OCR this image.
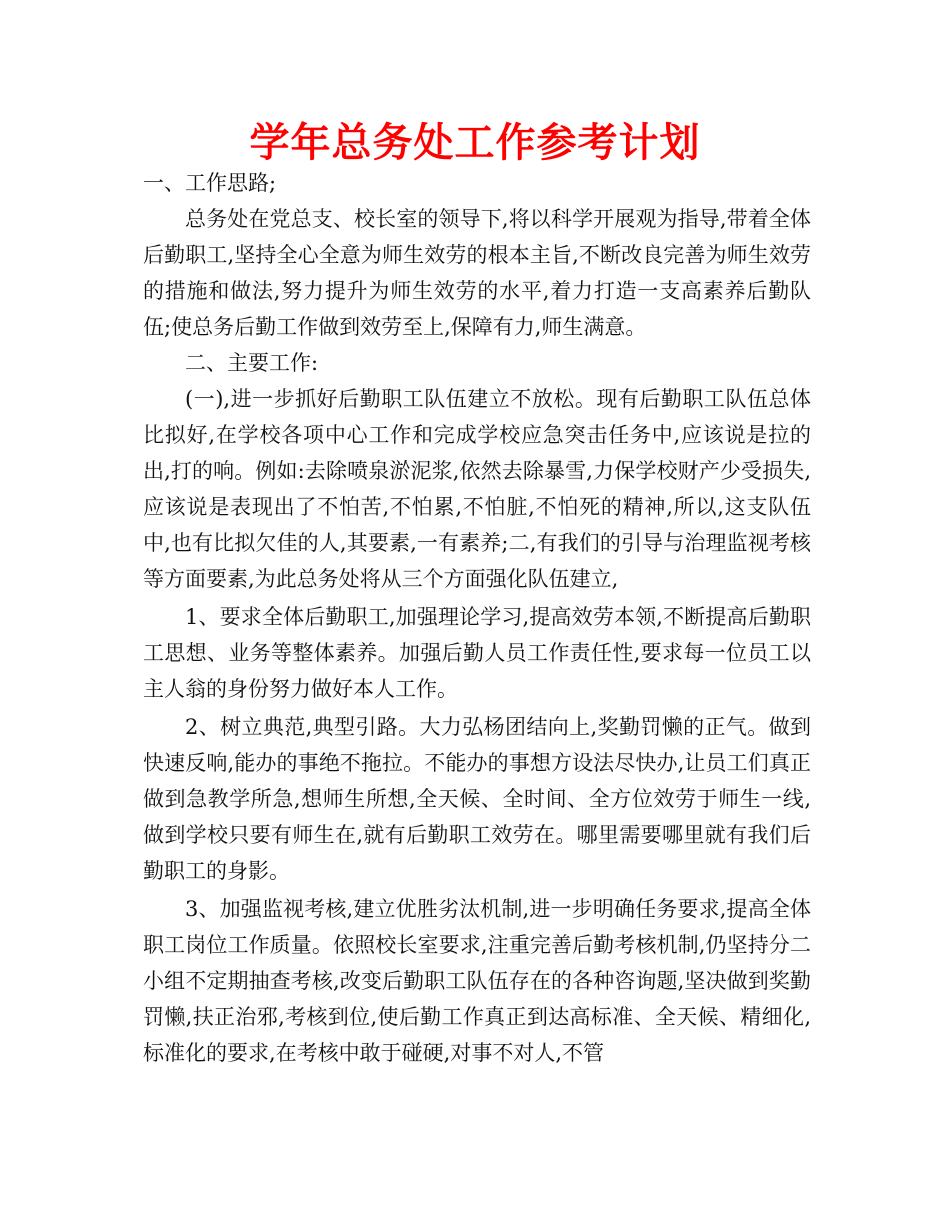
学年总务处工作参考计划

一、工作思路;

总务处在党总支、校长室的领导下,将以科学开展观为指导,带着全体后勤职工,坚持全心全意为师生效劳的根本主旨,不断改良完善为师生效劳的措施和做法,努力提升为师生效劳的水平,着力打造一支高素养后勤队伍;使总务后勤工作做到效劳至上,保障有力,师生满意。

二、主要工作:

(一),进一步抓好后勤职工队伍建立不放松。现有后勤职工队伍总体比拟好,在学校各项中心工作和完成学校应急突击任务中,应该说是拉的出,打的响。例如:去除喷泉淤泥浆,依然去除暴雪,力保学校财产少受损失,应该说是表现出了不怕苦,不怕累,不怕脏,不怕死的精神,所以,这支队伍中,也有比拟欠佳的人,其要素,一有素养;二,有我们的引导与治理监视考核等方面要素,为此总务处将从三个方面强化队伍建立,

1、要求全体后勤职工,加强理论学习,提高效劳本领,不断提高后勤职工思想、业务等整体素养。加强后勤人员工作责任性,要求每一位员工以主人翁的身份努力做好本人工作。

2、树立典范,典型引路。大力弘杨团结向上,奖勤罚懒的正气。做到快速反响,能办的事绝不拖拉。不能办的事想方设法尽快办,让员工们真正做到急教学所急,想师生所想,全天候、全时间、全方位效劳于师生一线,做到学校只要有师生在,就有后勤职工效劳在。哪里需要哪里就有我们后勤职工的身影。

3、加强监视考核,建立优胜劣汰机制,进一步明确任务要求,提高全体职工岗位工作质量。依照校长室要求,注重完善后勤考核机制,仍坚持分二小组不定期抽查考核,改变后勤职工队伍存在的各种咨询题,坚决做到奖勤罚懒,扶正治邪,考核到位,使后勤工作真正到达高标准、全天候、精细化,标准化的要求,在考核中敢于碰硬,对事不对人,不管
